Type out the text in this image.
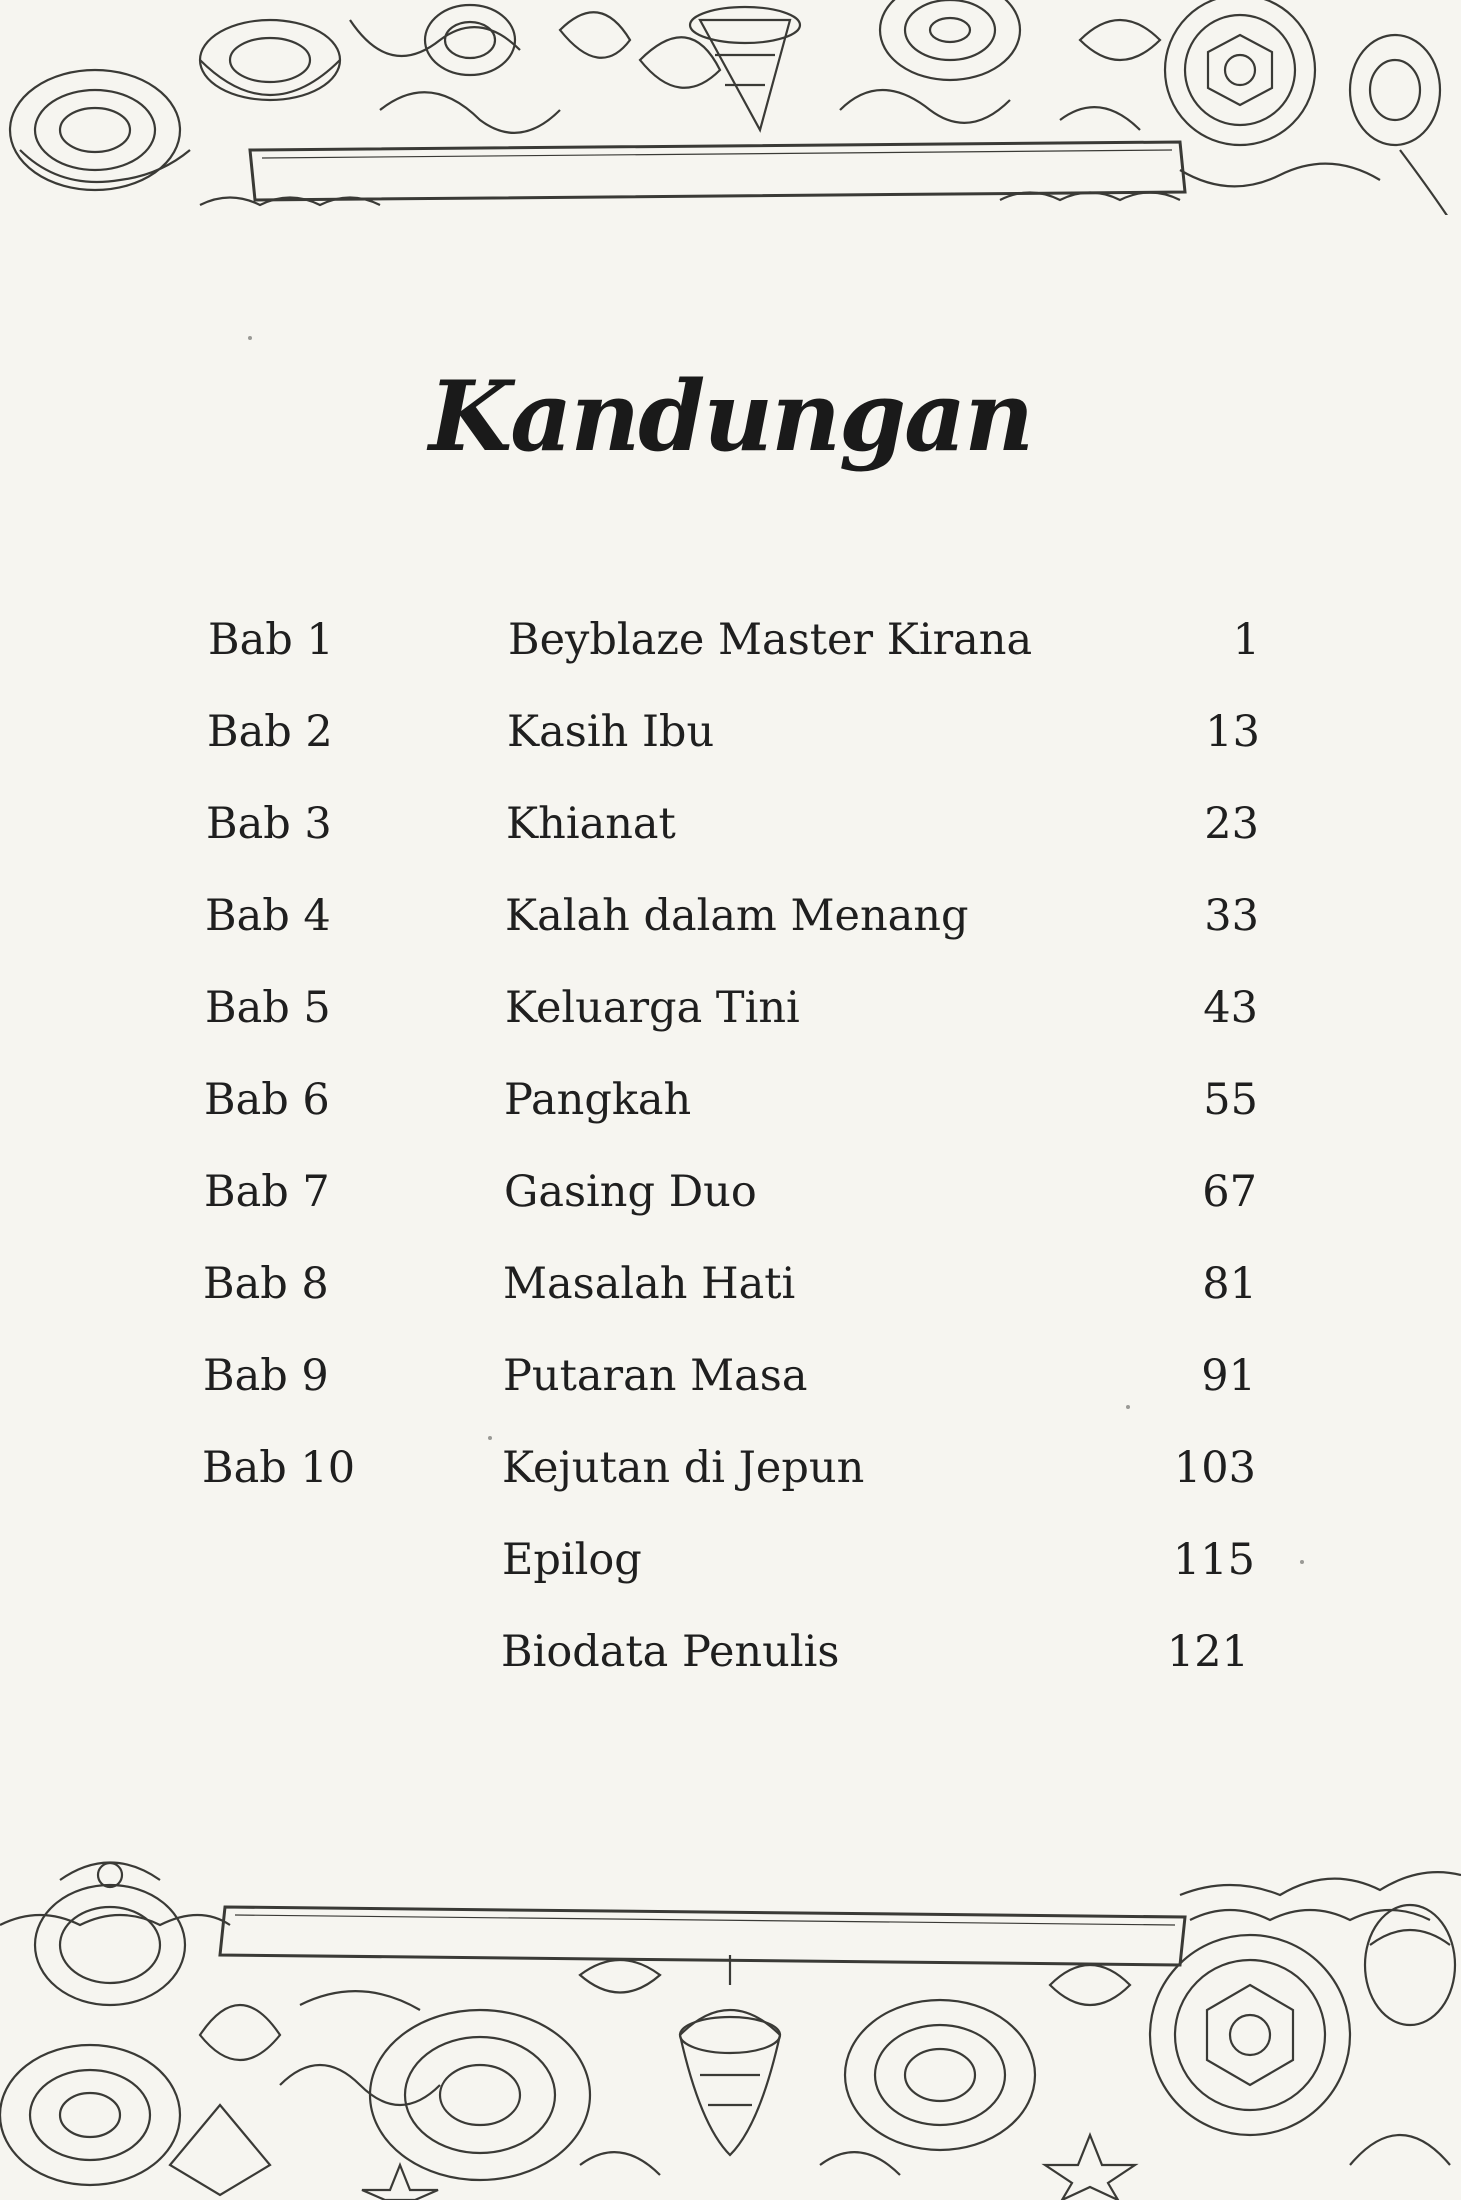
Kandungan
Bab 1	Beyblaze Master Kirana	1
Bab 2	Kasih Ibu	13
Bab 3	Khianat	23
Bab 4	Kalah dalam Menang	33
Bab 5	Keluarga Tini	43
Bab 6	Pangkah	55
Bab 7	Gasing Duo	67
Bab 8	Masalah Hati	81
Bab 9	Putaran Masa	91
Bab 10	Kejutan di Jepun	103
Epilog	115
Biodata Penulis	121
